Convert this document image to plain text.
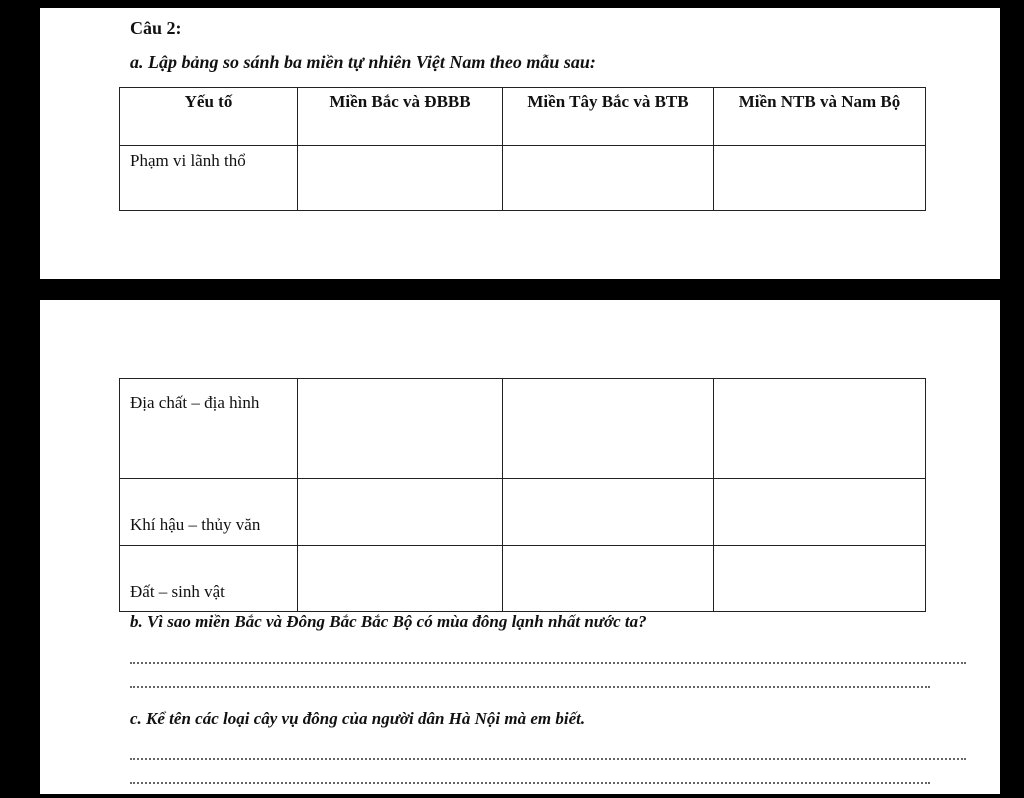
Câu 2:
a. Lập bảng so sánh ba miền tự nhiên Việt Nam theo mẫu sau:
Yếu tố	Miền Bắc và ĐBBB	Miền Tây Bắc và BTB	Miền NTB và Nam Bộ
Phạm vi lãnh thổ			
Địa chất – địa hình			
Khí hậu – thủy văn			
Đất – sinh vật			
b. Vì sao miền Bắc và Đông Bắc Bắc Bộ có mùa đông lạnh nhất nước ta?
c. Kể tên các loại cây vụ đông của người dân Hà Nội mà em biết.
